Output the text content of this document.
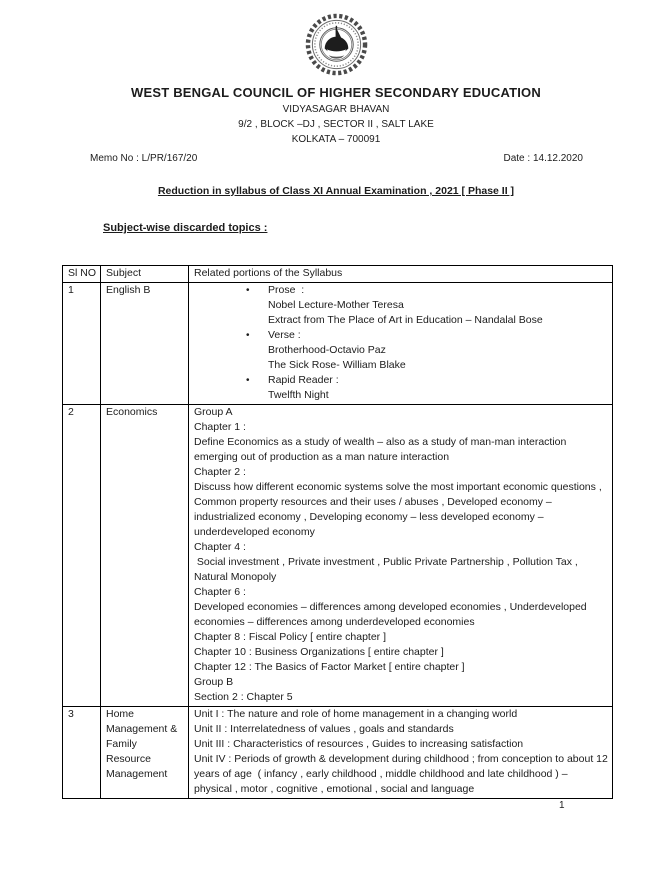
WEST BENGAL COUNCIL OF HIGHER SECONDARY EDUCATION
VIDYASAGAR BHAVAN
9/2 , BLOCK –DJ , SECTOR II , SALT LAKE
KOLKATA – 700091
Memo No : L/PR/167/20	Date : 14.12.2020
Reduction in syllabus of Class XI Annual Examination , 2021 [ Phase II ]
Subject-wise discarded topics :
Sl NO	Subject	Related portions of the Syllabus
1	English B	•	Prose  :
Nobel Lecture-Mother Teresa
Extract from The Place of Art in Education – Nandalal Bose
•	Verse :
Brotherhood-Octavio Paz
The Sick Rose- William Blake
•	Rapid Reader :
Twelfth Night

2	Economics	Group A
Chapter 1 :
Define Economics as a study of wealth – also as a study of man-man interaction emerging out of production as a man nature interaction
Chapter 2 :
Discuss how different economic systems solve the most important economic questions , Common property resources and their uses / abuses , Developed economy – industrialized economy , Developing economy – less developed economy – underdeveloped economy
Chapter 4 :
Social investment , Private investment , Public Private Partnership , Pollution Tax , Natural Monopoly
Chapter 6 :
Developed economies – differences among developed economies , Underdeveloped economies – differences among underdeveloped economies
Chapter 8 : Fiscal Policy [ entire chapter ]
Chapter 10 : Business Organizations [ entire chapter ]
Chapter 12 : The Basics of Factor Market [ entire chapter ]
Group B
Section 2 : Chapter 5

3	Home Management & Family Resource Management	Unit I : The nature and role of home management in a changing world
Unit II : Interrelatedness of values , goals and standards
Unit III : Characteristics of resources , Guides to increasing satisfaction
Unit IV : Periods of growth & development during childhood ; from conception to about 12 years of age  ( infancy , early childhood , middle childhood and late childhood ) – physical , motor , cognitive , emotional , social and language
1
